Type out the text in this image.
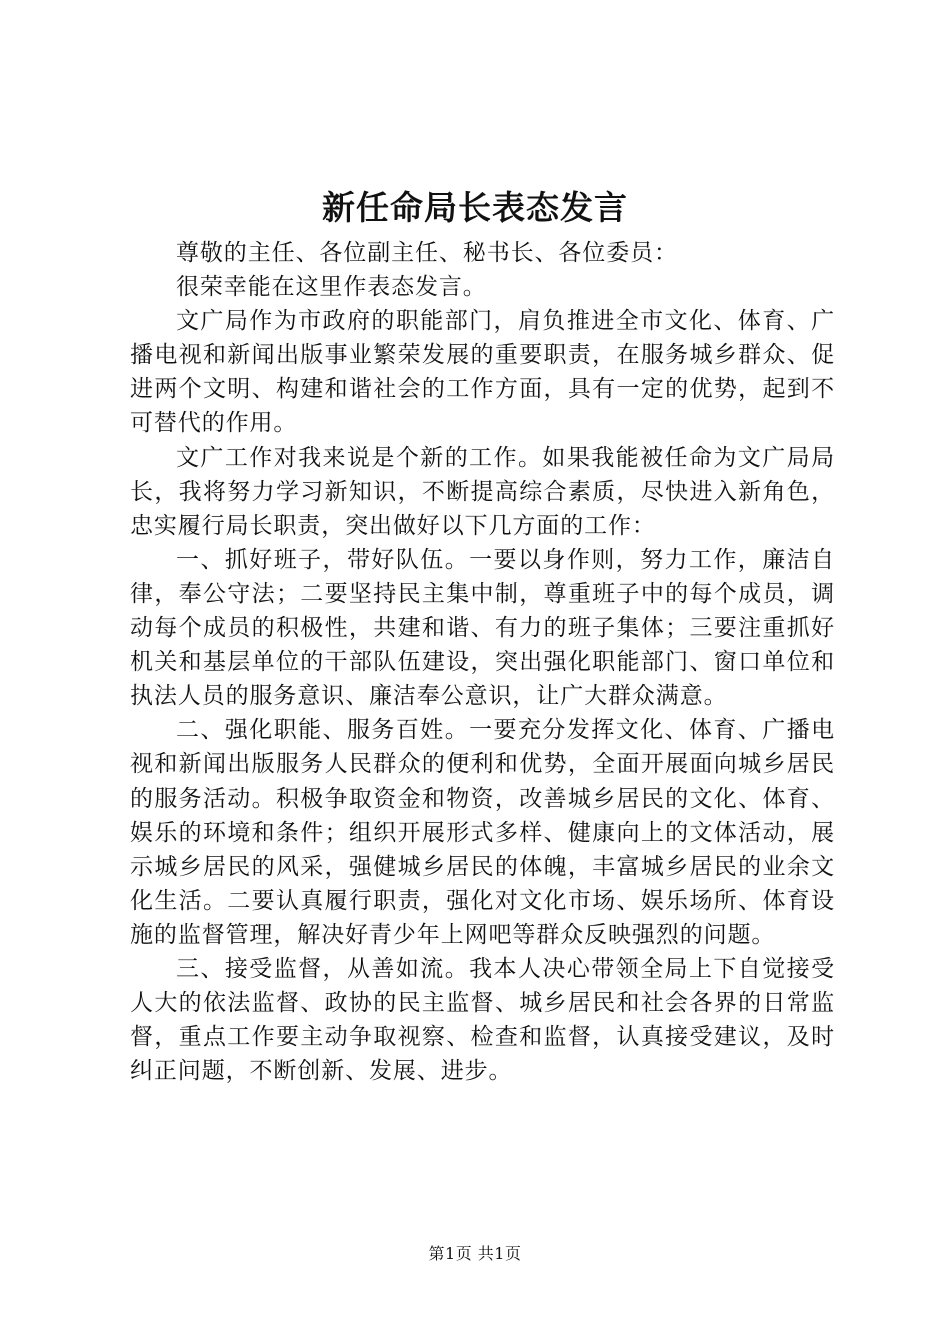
新任命局长表态发言

尊敬的主任、各位副主任、秘书长、各位委员：

很荣幸能在这里作表态发言。

文广局作为市政府的职能部门，肩负推进全市文化、体育、广播电视和新闻出版事业繁荣发展的重要职责，在服务城乡群众、促进两个文明、构建和谐社会的工作方面，具有一定的优势，起到不可替代的作用。

文广工作对我来说是个新的工作。如果我能被任命为文广局局长，我将努力学习新知识，不断提高综合素质，尽快进入新角色，忠实履行局长职责，突出做好以下几方面的工作：

一、抓好班子，带好队伍。一要以身作则，努力工作，廉洁自律，奉公守法；二要坚持民主集中制，尊重班子中的每个成员，调动每个成员的积极性，共建和谐、有力的班子集体；三要注重抓好机关和基层单位的干部队伍建设，突出强化职能部门、窗口单位和执法人员的服务意识、廉洁奉公意识，让广大群众满意。

二、强化职能、服务百姓。一要充分发挥文化、体育、广播电视和新闻出版服务人民群众的便利和优势，全面开展面向城乡居民的服务活动。积极争取资金和物资，改善城乡居民的文化、体育、娱乐的环境和条件；组织开展形式多样、健康向上的文体活动，展示城乡居民的风采，强健城乡居民的体魄，丰富城乡居民的业余文化生活。二要认真履行职责，强化对文化市场、娱乐场所、体育设施的监督管理，解决好青少年上网吧等群众反映强烈的问题。

三、接受监督，从善如流。我本人决心带领全局上下自觉接受人大的依法监督、政协的民主监督、城乡居民和社会各界的日常监督，重点工作要主动争取视察、检查和监督，认真接受建议，及时纠正问题，不断创新、发展、进步。

第1页 共1页
